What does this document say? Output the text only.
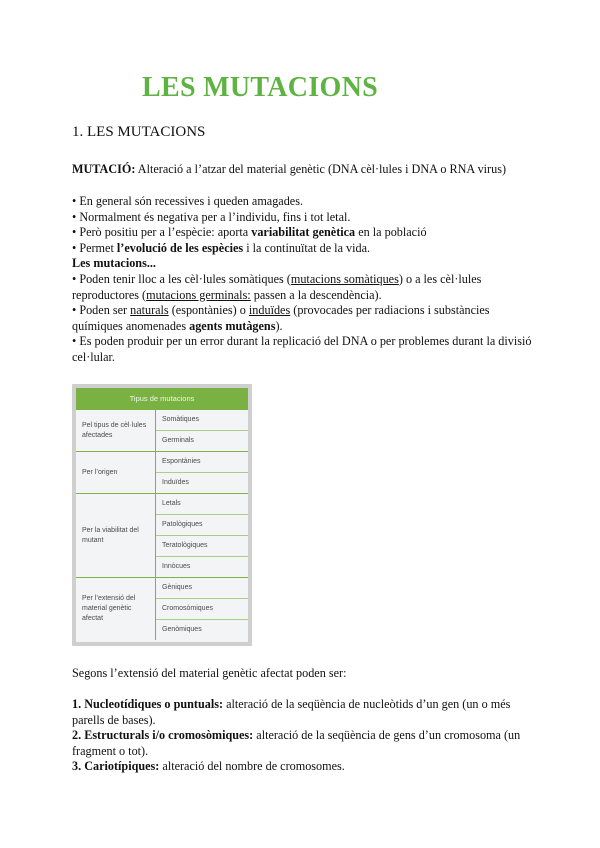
LES MUTACIONS
1. LES MUTACIONS

MUTACIÓ: Alteració a l’atzar del material genètic (DNA cèl·lules i DNA o RNA virus)

• En general són recessives i queden amagades.

• Normalment és negativa per a l’individu, fins i tot letal.

• Però positiu per a l’espècie: aporta variabilitat genètica en la població

• Permet l’evolució de les espècies i la continuïtat de la vida.

Les mutacions...

• Poden tenir lloc a les cèl·lules somàtiques (mutacions somàtiques) o a les cèl·lules reproductores (mutacions germinals: passen a la descendència).

• Poden ser naturals (espontànies) o induïdes (provocades per radiacions i substàncies químiques anomenades agents mutàgens).

• Es poden produir per un error durant la replicació del DNA o per problemes durant la divisió cel·lular.

Tipus de mutacions
Pel tipus de cèl·lules afectades
Somàtiques
Germinals
Per l’origen
Espontànies
Induïdes
Per la viabilitat del mutant
Letals
Patològiques
Teratològiques
Innòcues
Per l’extensió del material genètic afectat
Gèniques
Cromosòmiques
Genòmiques

Segons l’extensió del material genètic afectat poden ser:

1. Nucleotídiques o puntuals: alteració de la seqüència de nucleòtids d’un gen (un o més parells de bases).

2. Estructurals i/o cromosòmiques: alteració de la seqüència de gens d’un cromosoma (un fragment o tot).

3. Cariotípiques: alteració del nombre de cromosomes.
